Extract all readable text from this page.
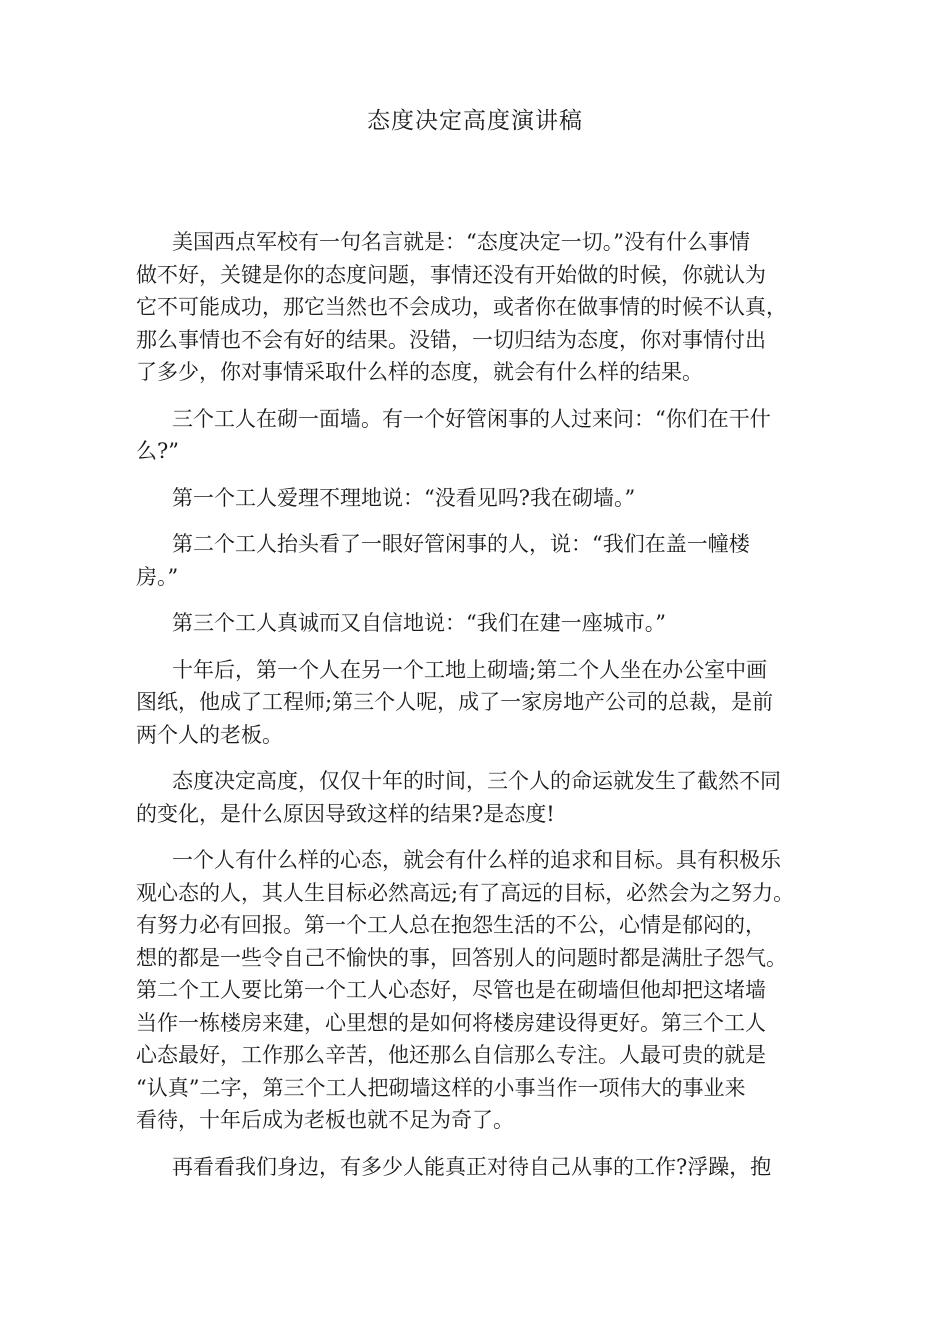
态度决定高度演讲稿
美国西点军校有一句名言就是：“态度决定一切。”没有什么事情
做不好，关键是你的态度问题，事情还没有开始做的时候，你就认为
它不可能成功，那它当然也不会成功，或者你在做事情的时候不认真，
那么事情也不会有好的结果。没错，一切归结为态度，你对事情付出
了多少，你对事情采取什么样的态度，就会有什么样的结果。
三个工人在砌一面墙。有一个好管闲事的人过来问：“你们在干什
么?”
第一个工人爱理不理地说：“没看见吗?我在砌墙。”
第二个工人抬头看了一眼好管闲事的人，说：“我们在盖一幢楼
房。”
第三个工人真诚而又自信地说：“我们在建一座城市。”
十年后，第一个人在另一个工地上砌墙;第二个人坐在办公室中画
图纸，他成了工程师;第三个人呢，成了一家房地产公司的总裁，是前
两个人的老板。
态度决定高度，仅仅十年的时间，三个人的命运就发生了截然不同
的变化，是什么原因导致这样的结果?是态度!
一个人有什么样的心态，就会有什么样的追求和目标。具有积极乐
观心态的人，其人生目标必然高远;有了高远的目标，必然会为之努力。
有努力必有回报。第一个工人总在抱怨生活的不公，心情是郁闷的，
想的都是一些令自己不愉快的事，回答别人的问题时都是满肚子怨气。
第二个工人要比第一个工人心态好，尽管也是在砌墙但他却把这堵墙
当作一栋楼房来建，心里想的是如何将楼房建设得更好。第三个工人
心态最好，工作那么辛苦，他还那么自信那么专注。人最可贵的就是
“认真”二字，第三个工人把砌墙这样的小事当作一项伟大的事业来
看待，十年后成为老板也就不足为奇了。
再看看我们身边，有多少人能真正对待自己从事的工作?浮躁，抱
